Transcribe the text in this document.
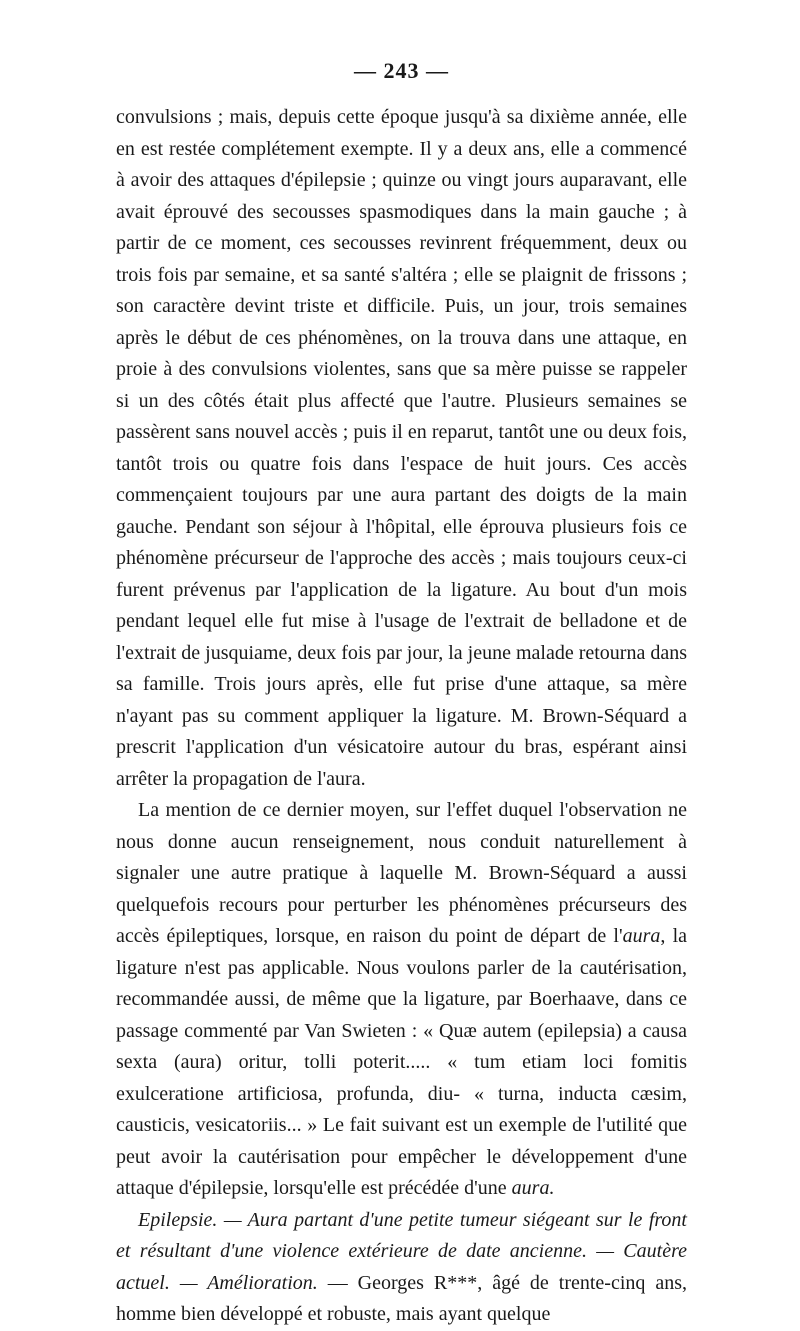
— 243 —

convulsions ; mais, depuis cette époque jusqu'à sa dixième année, elle en est restée complétement exempte. Il y a deux ans, elle a commencé à avoir des attaques d'épilepsie ; quinze ou vingt jours auparavant, elle avait éprouvé des secousses spasmodiques dans la main gauche ; à partir de ce moment, ces secousses revinrent fréquemment, deux ou trois fois par semaine, et sa santé s'altéra ; elle se plaignit de frissons ; son caractère devint triste et difficile. Puis, un jour, trois semaines après le début de ces phénomènes, on la trouva dans une attaque, en proie à des convulsions violentes, sans que sa mère puisse se rappeler si un des côtés était plus affecté que l'autre. Plusieurs semaines se passèrent sans nouvel accès ; puis il en reparut, tantôt une ou deux fois, tantôt trois ou quatre fois dans l'espace de huit jours. Ces accès commençaient toujours par une aura partant des doigts de la main gauche. Pendant son séjour à l'hôpital, elle éprouva plusieurs fois ce phénomène précurseur de l'approche des accès ; mais toujours ceux-ci furent prévenus par l'application de la ligature. Au bout d'un mois pendant lequel elle fut mise à l'usage de l'extrait de belladone et de l'extrait de jusquiame, deux fois par jour, la jeune malade retourna dans sa famille. Trois jours après, elle fut prise d'une attaque, sa mère n'ayant pas su comment appliquer la ligature. M. Brown-Séquard a prescrit l'application d'un vésicatoire autour du bras, espérant ainsi arrêter la propagation de l'aura.

La mention de ce dernier moyen, sur l'effet duquel l'observation ne nous donne aucun renseignement, nous conduit naturellement à signaler une autre pratique à laquelle M. Brown-Séquard a aussi quelquefois recours pour perturber les phénomènes précurseurs des accès épileptiques, lorsque, en raison du point de départ de l'aura, la ligature n'est pas applicable. Nous voulons parler de la cautérisation, recommandée aussi, de même que la ligature, par Boerhaave, dans ce passage commenté par Van Swieten : « Quæ autem (epilepsia) a causa sexta (aura) oritur, tolli poterit..... « tum etiam loci fomitis exulceratione artificiosa, profunda, diu- « turna, inducta cæsim, causticis, vesicatoriis... » Le fait suivant est un exemple de l'utilité que peut avoir la cautérisation pour empêcher le développement d'une attaque d'épilepsie, lorsqu'elle est précédée d'une aura.

Epilepsie. — Aura partant d'une petite tumeur siégeant sur le front et résultant d'une violence extérieure de date ancienne. — Cautère actuel. — Amélioration. — Georges R***, âgé de trente-cinq ans, homme bien développé et robuste, mais ayant quelque
